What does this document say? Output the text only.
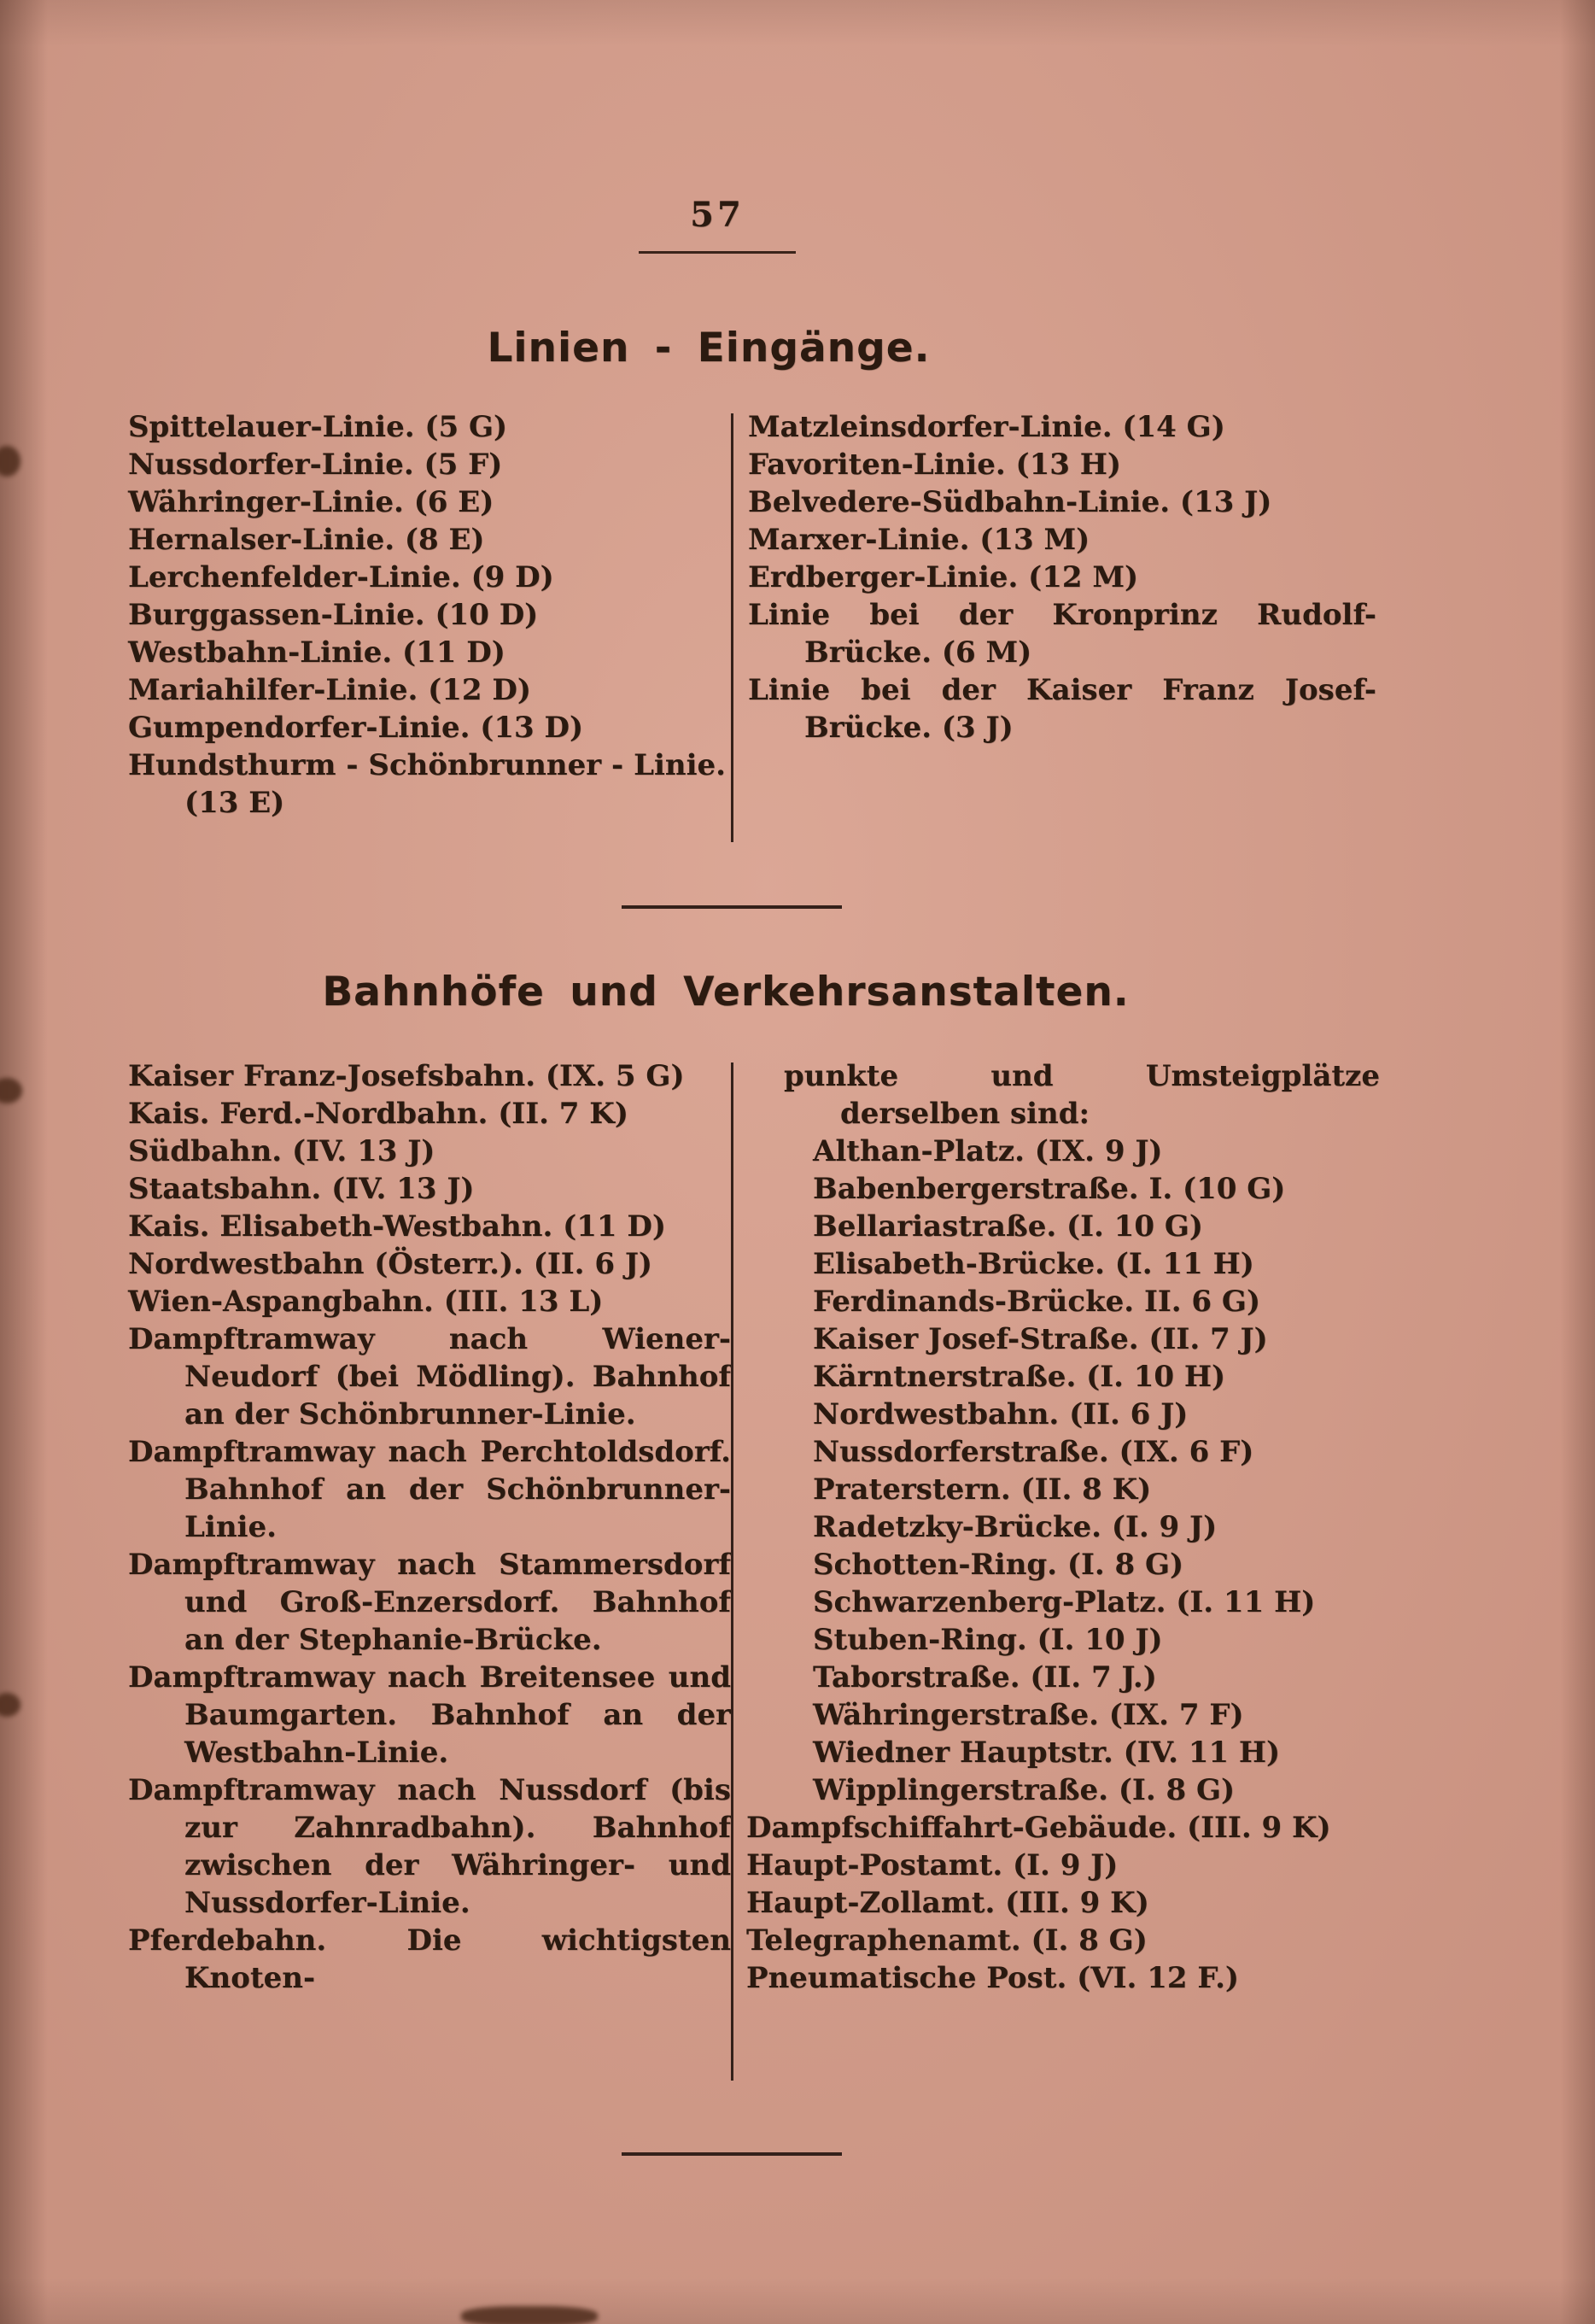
57
Linien - Eingänge.
Spittelauer-Linie. (5 G)
Nussdorfer-Linie. (5 F)
Währinger-Linie. (6 E)
Hernalser-Linie. (8 E)
Lerchenfelder-Linie. (9 D)
Burggassen-Linie. (10 D)
Westbahn-Linie. (11 D)
Mariahilfer-Linie. (12 D)
Gumpendorfer-Linie. (13 D)
Hundsthurm - Schönbrunner - Linie. (13 E)
Matzleinsdorfer-Linie. (14 G)
Favoriten-Linie. (13 H)
Belvedere-Südbahn-Linie. (13 J)
Marxer-Linie. (13 M)
Erdberger-Linie. (12 M)
Linie bei der Kronprinz Rudolf-Brücke. (6 M)
Linie bei der Kaiser Franz Josef-Brücke. (3 J)
Bahnhöfe und Verkehrsanstalten.
Kaiser Franz-Josefsbahn. (IX. 5 G)
Kais. Ferd.-Nordbahn. (II. 7 K)
Südbahn. (IV. 13 J)
Staatsbahn. (IV. 13 J)
Kais. Elisabeth-Westbahn. (11 D)
Nordwestbahn (Österr.). (II. 6 J)
Wien-Aspangbahn. (III. 13 L)
Dampftramway nach Wiener-Neudorf (bei Mödling). Bahnhof an der Schönbrunner-Linie.
Dampftramway nach Perchtoldsdorf. Bahnhof an der Schönbrunner-Linie.
Dampftramway nach Stammersdorf und Groß-Enzersdorf. Bahnhof an der Stephanie-Brücke.
Dampftramway nach Breitensee und Baumgarten. Bahnhof an der Westbahn-Linie.
Dampftramway nach Nussdorf (bis zur Zahnradbahn). Bahnhof zwischen der Währinger- und Nussdorfer-Linie.
Pferdebahn. Die wichtigsten Knoten-
punkte und Umsteigplätze derselben sind:
Althan-Platz. (IX. 9 J)
Babenbergerstraße. I. (10 G)
Bellariastraße. (I. 10 G)
Elisabeth-Brücke. (I. 11 H)
Ferdinands-Brücke. II. 6 G)
Kaiser Josef-Straße. (II. 7 J)
Kärntnerstraße. (I. 10 H)
Nordwestbahn. (II. 6 J)
Nussdorferstraße. (IX. 6 F)
Praterstern. (II. 8 K)
Radetzky-Brücke. (I. 9 J)
Schotten-Ring. (I. 8 G)
Schwarzenberg-Platz. (I. 11 H)
Stuben-Ring. (I. 10 J)
Taborstraße. (II. 7 J.)
Währingerstraße. (IX. 7 F)
Wiedner Hauptstr. (IV. 11 H)
Wipplingerstraße. (I. 8 G)
Dampfschiffahrt-Gebäude. (III. 9 K)
Haupt-Postamt. (I. 9 J)
Haupt-Zollamt. (III. 9 K)
Telegraphenamt. (I. 8 G)
Pneumatische Post. (VI. 12 F.)
